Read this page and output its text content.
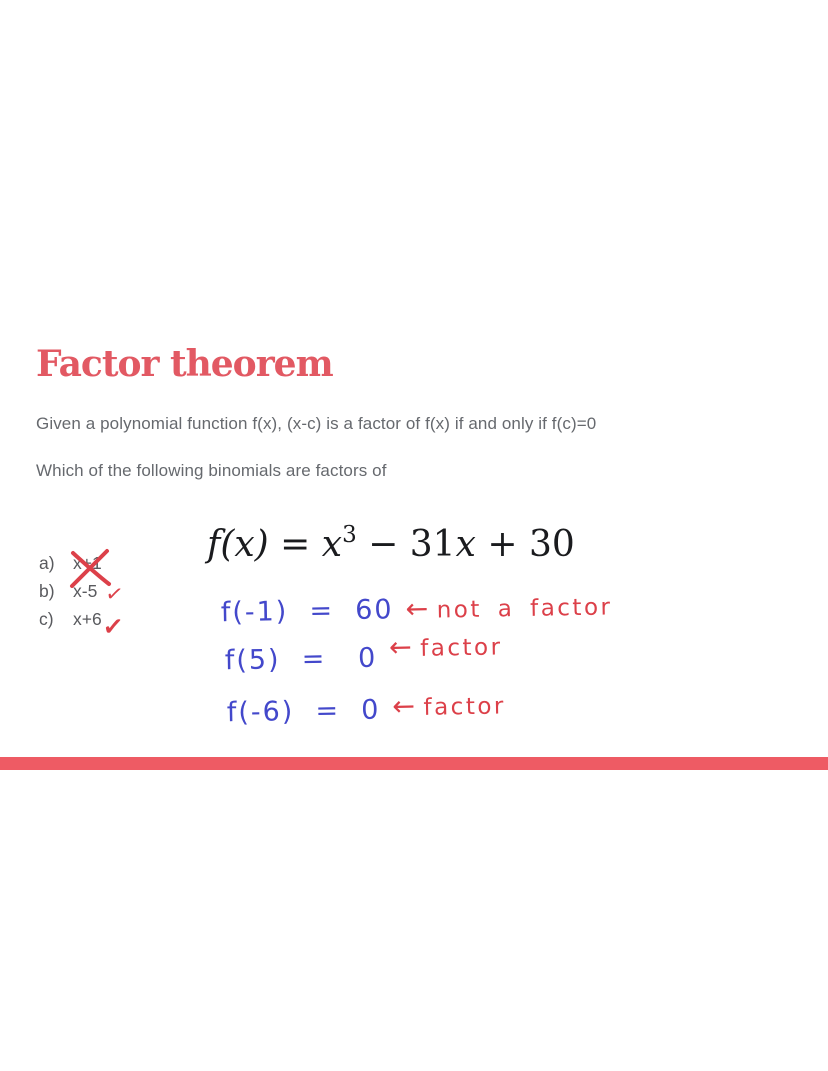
Factor theorem

Given a polynomial function f(x), (x-c) is a factor of f(x) if and only if f(c)=0

Which of the following binomials are factors of

$f(x) = x^3 - 31x + 30$
a)	x+1
b)	x-5 ✓
c)	x+6 ✓	f(-1)  =  60 ← not a factor

f(5)  =   0 ← factor

f(-6)  =  0 ← factor
